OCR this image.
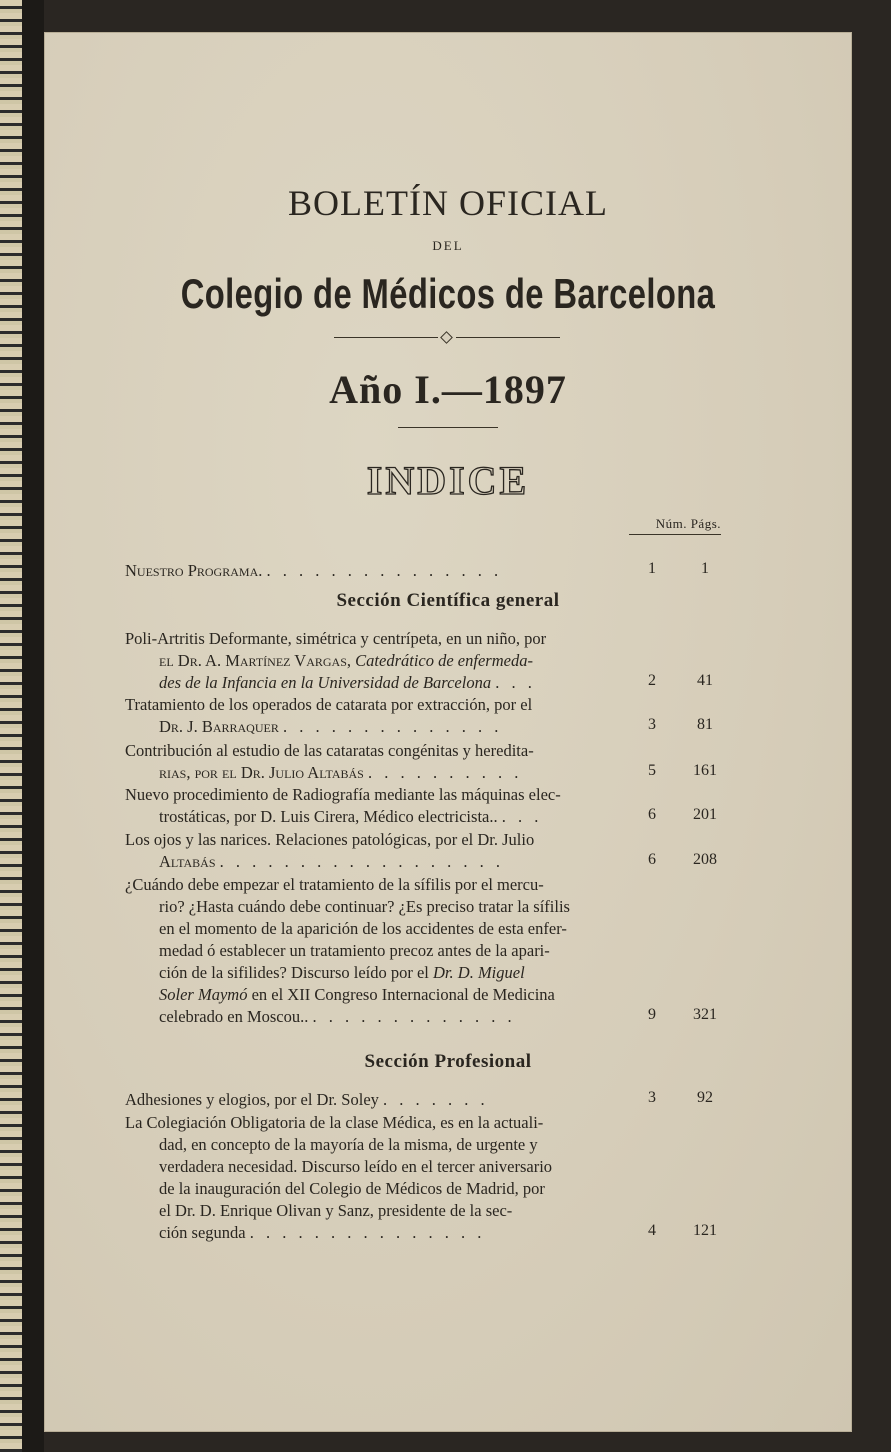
BOLETÍN OFICIAL
DEL
Colegio de Médicos de Barcelona
Año I.—1897
INDICE
Núm. Págs.
Nuestro Programa. . . . . . . . . . . . . . . .	1	1
Sección Científica general
Poli-Artritis Deformante, simétrica y centrípeta, en un niño, por
el Dr. A. Martínez Vargas, Catedrático de enfermeda-
des de la Infancia en la Universidad de Barcelona . . .	2	41
Tratamiento de los operados de catarata por extracción, por el
Dr. J. Barraquer . . . . . . . . . . . . . .	3	81
Contribución al estudio de las cataratas congénitas y heredita-
rias, por el Dr. Julio Altabás . . . . . . . . . .	5	161
Nuevo procedimiento de Radiografía mediante las máquinas elec-
trostáticas, por D. Luis Cirera, Médico electricista.. . . .	6	201
Los ojos y las narices. Relaciones patológicas, por el Dr. Julio
Altabás . . . . . . . . . . . . . . . . . .	6	208
¿Cuándo debe empezar el tratamiento de la sífilis por el mercu-
rio? ¿Hasta cuándo debe continuar? ¿Es preciso tratar la sífilis
en el momento de la aparición de los accidentes de esta enfer-
medad ó establecer un tratamiento precoz antes de la apari-
ción de la sifilides? Discurso leído por el Dr. D. Miguel
Soler Maymó en el XII Congreso Internacional de Medicina
celebrado en Moscou.. . . . . . . . . . . . . .	9	321
Sección Profesional
Adhesiones y elogios, por el Dr. Soley . . . . . . .	3	92
La Colegiación Obligatoria de la clase Médica, es en la actuali-
dad, en concepto de la mayoría de la misma, de urgente y
verdadera necesidad. Discurso leído en el tercer aniversario
de la inauguración del Colegio de Médicos de Madrid, por
el Dr. D. Enrique Olivan y Sanz, presidente de la sec-
ción segunda . . . . . . . . . . . . . . .	4	121
